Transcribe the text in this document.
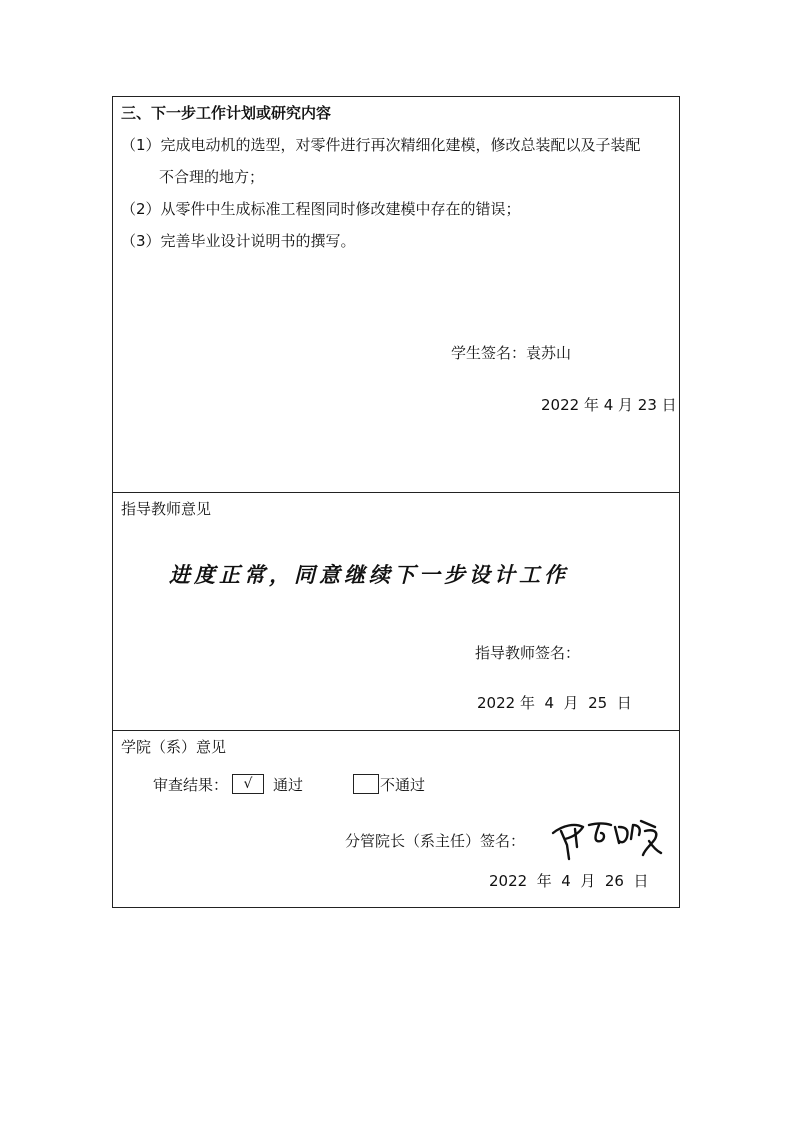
三、下一步工作计划或研究内容
（1）完成电动机的选型，对零件进行再次精细化建模，修改总装配以及子装配
不合理的地方；
（2）从零件中生成标准工程图同时修改建模中存在的错误；
（3）完善毕业设计说明书的撰写。
学生签名：袁苏山
2022 年 4 月 23 日
指导教师意见
进度正常，同意继续下一步设计工作
指导教师签名：
2022 年  4  月  25  日
学院（系）意见
审查结果：	√	通过	不通过
分管院长（系主任）签名：
2022  年  4  月  26  日
